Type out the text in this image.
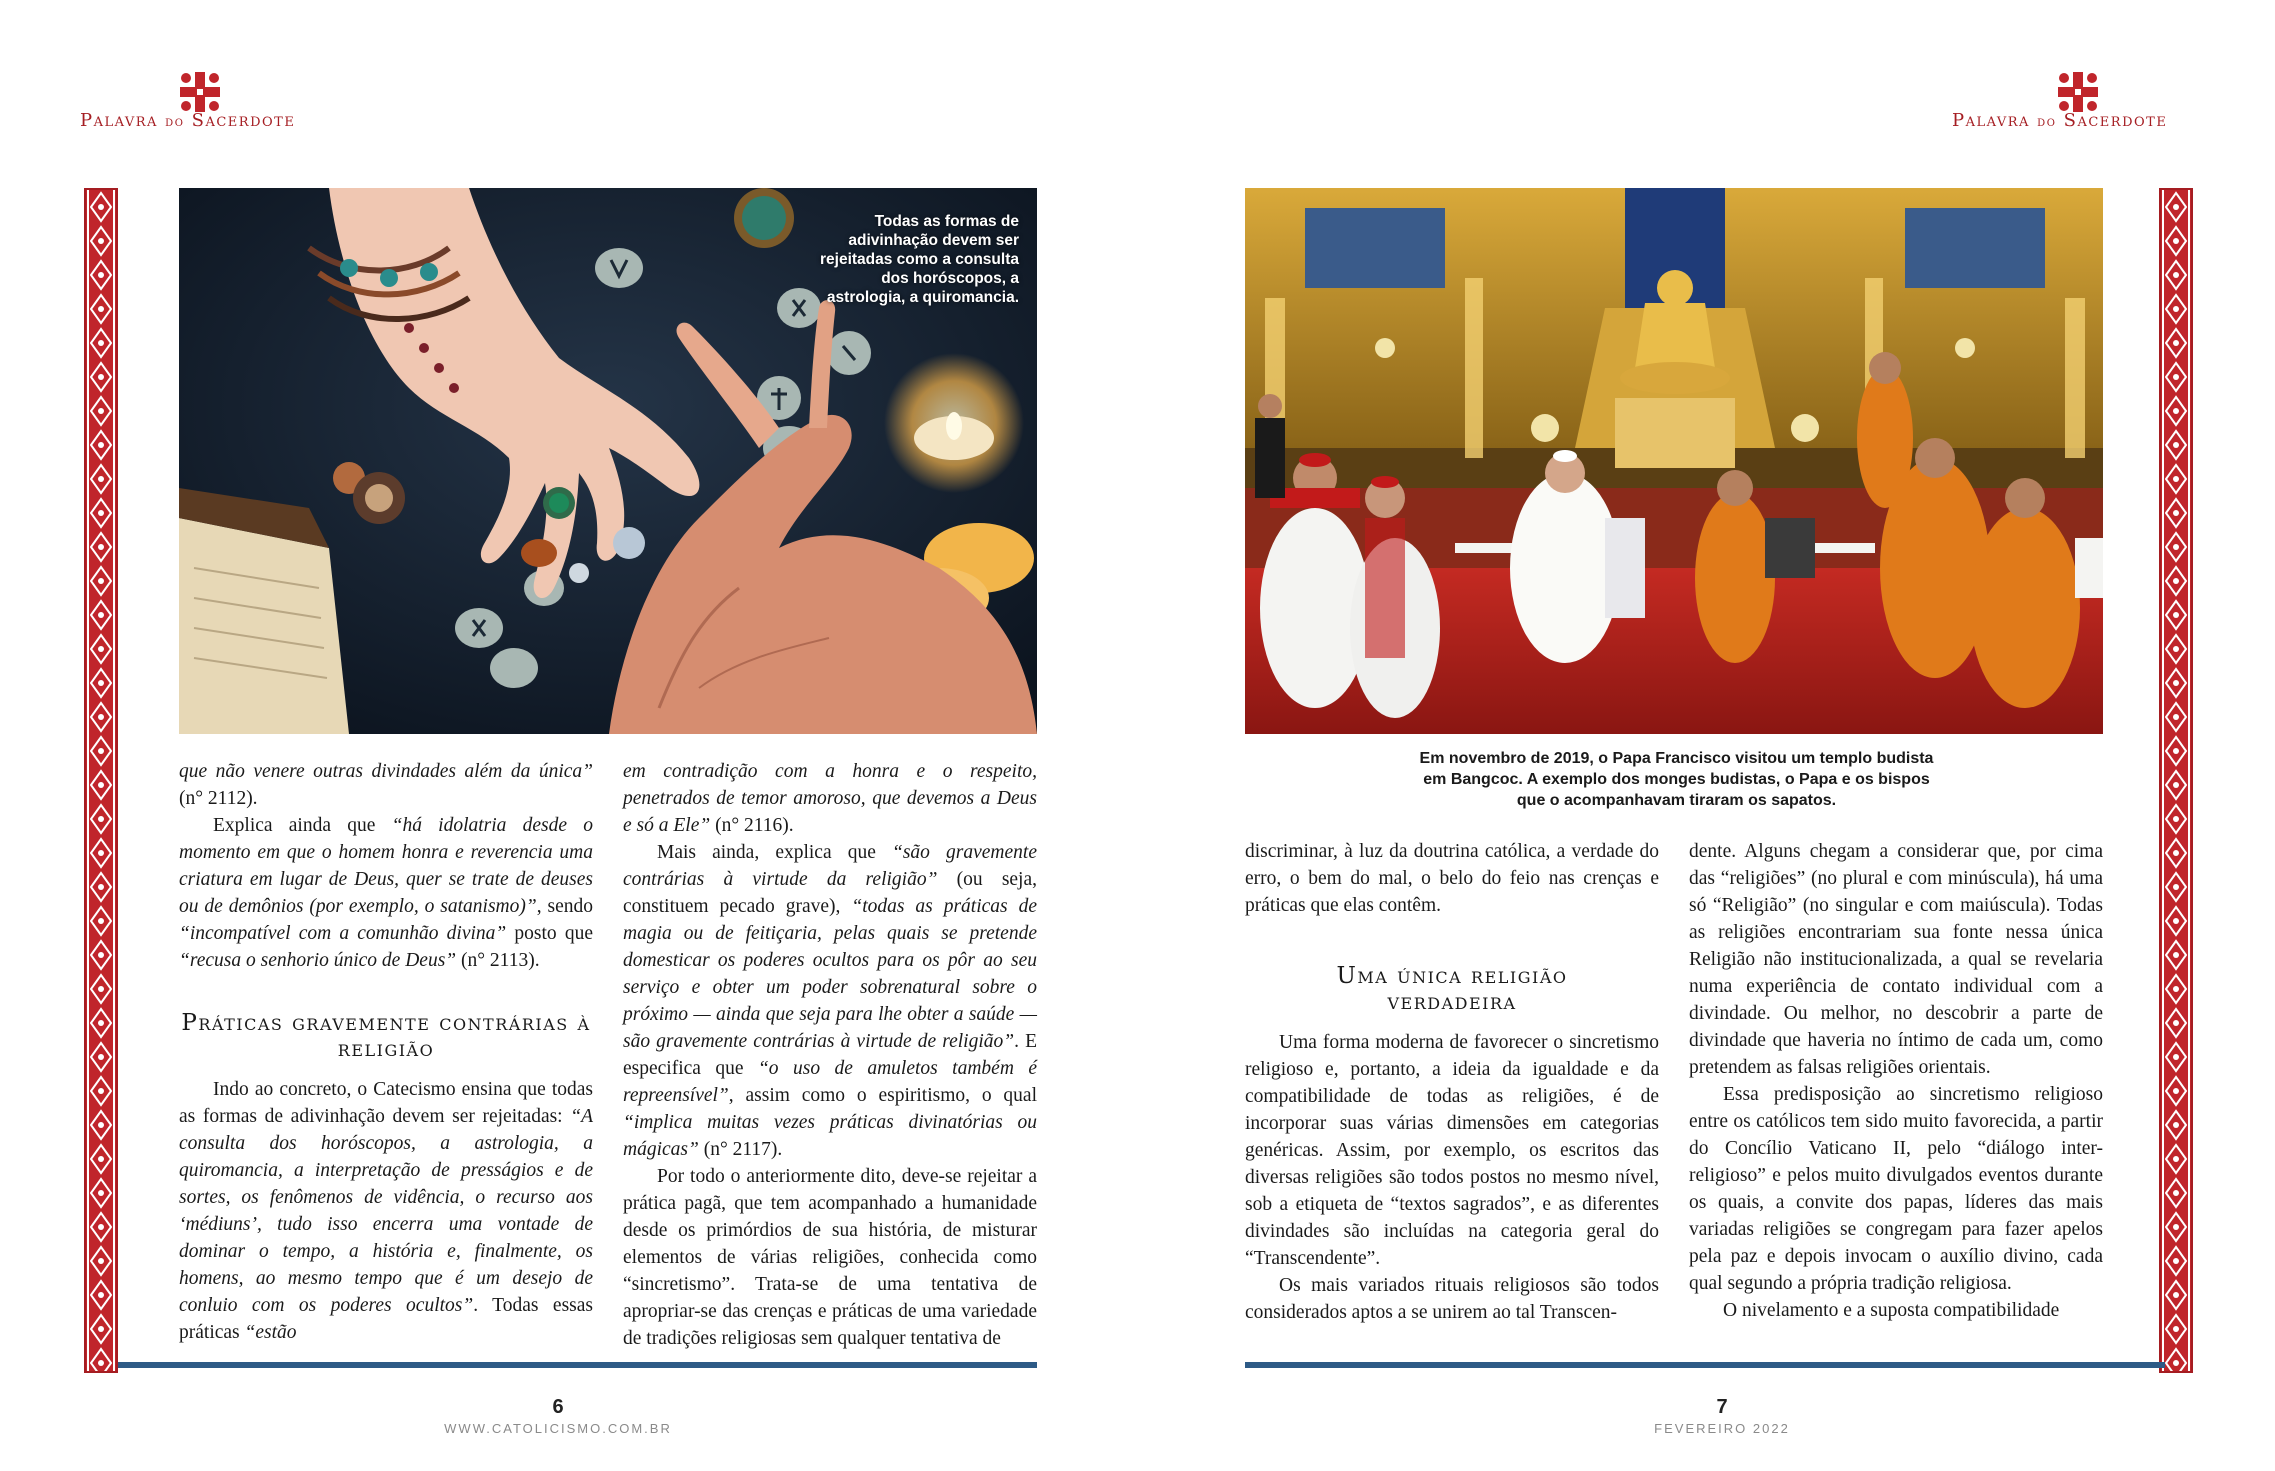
Palavra do Sacerdote	Palavra do Sacerdote
Todas as formas de adivinhação devem ser rejeitadas como a consulta dos horóscopos, a astrologia, a quiromancia.
Em novembro de 2019, o Papa Francisco visitou um templo budista
em Bangcoc. A exemplo dos monges budistas, o Papa e os bispos
que o acompanhavam tiraram os sapatos.

que não venere outras divindades além da única” (n° 2112).

Explica ainda que “há idolatria desde o momento em que o homem honra e reverencia uma criatura em lugar de Deus, quer se trate de deuses ou de demônios (por exemplo, o satanismo)”, sendo “incompatível com a comunhão divina” posto que “recusa o senhorio único de Deus” (n° 2113).

Práticas gravemente contrárias à religião

Indo ao concreto, o Catecismo ensina que todas as formas de adivinhação devem ser rejeitadas: “A consulta dos horóscopos, a astrologia, a quiromancia, a interpretação de presságios e de sortes, os fenômenos de vidência, o recurso aos ‘médiuns’, tudo isso encerra uma vontade de dominar o tempo, a história e, finalmente, os homens, ao mesmo tempo que é um desejo de conluio com os poderes ocultos”. Todas essas práticas “estão

em contradição com a honra e o respeito, penetrados de temor amoroso, que devemos a Deus e só a Ele” (n° 2116).

Mais ainda, explica que “são gravemente contrárias à virtude da religião” (ou seja, constituem pecado grave), “todas as práticas de magia ou de feitiçaria, pelas quais se pretende domesticar os poderes ocultos para os pôr ao seu serviço e obter um poder sobrenatural sobre o próximo — ainda que seja para lhe obter a saúde — são gravemente contrárias à virtude de religião”. E especifica que “o uso de amuletos também é repreensível”, assim como o espiritismo, o qual “implica muitas vezes práticas divinatórias ou mágicas” (n° 2117).

Por todo o anteriormente dito, deve-se rejeitar a prática pagã, que tem acompanhado a humanidade desde os primórdios de sua história, de misturar elementos de várias religiões, conhecida como “sincretismo”. Trata-se de uma tentativa de apropriar-se das crenças e práticas de uma variedade de tradições religiosas sem qualquer tentativa de

discriminar, à luz da doutrina católica, a verdade do erro, o bem do mal, o belo do feio nas crenças e práticas que elas contêm.

Uma única religião verdadeira

Uma forma moderna de favorecer o sincretismo religioso e, portanto, a ideia da igualdade e da compatibilidade de todas as religiões, é de incorporar suas várias dimensões em categorias genéricas. Assim, por exemplo, os escritos das diversas religiões são todos postos no mesmo nível, sob a etiqueta de “textos sagrados”, e as diferentes divindades são incluídas na categoria geral do “Transcendente”.

Os mais variados rituais religiosos são todos considerados aptos a se unirem ao tal Transcen-

dente. Alguns chegam a considerar que, por cima das “religiões” (no plural e com minúscula), há uma só “Religião” (no singular e com maiúscula). Todas as religiões encontrariam sua fonte nessa única Religião não institucionalizada, a qual se revelaria numa experiência de contato individual com a divindade. Ou melhor, no descobrir a parte de divindade que haveria no íntimo de cada um, como pretendem as falsas religiões orientais.

Essa predisposição ao sincretismo religioso entre os católicos tem sido muito favorecida, a partir do Concílio Vaticano II, pelo “diálogo inter-religioso” e pelos muito divulgados eventos durante os quais, a convite dos papas, líderes das mais variadas religiões se congregam para fazer apelos pela paz e depois invocam o auxílio divino, cada qual segundo a própria tradição religiosa.

O nivelamento e a suposta compatibilidade

6
WWW.CATOLICISMO.COM.BR
7
FEVEREIRO 2022
